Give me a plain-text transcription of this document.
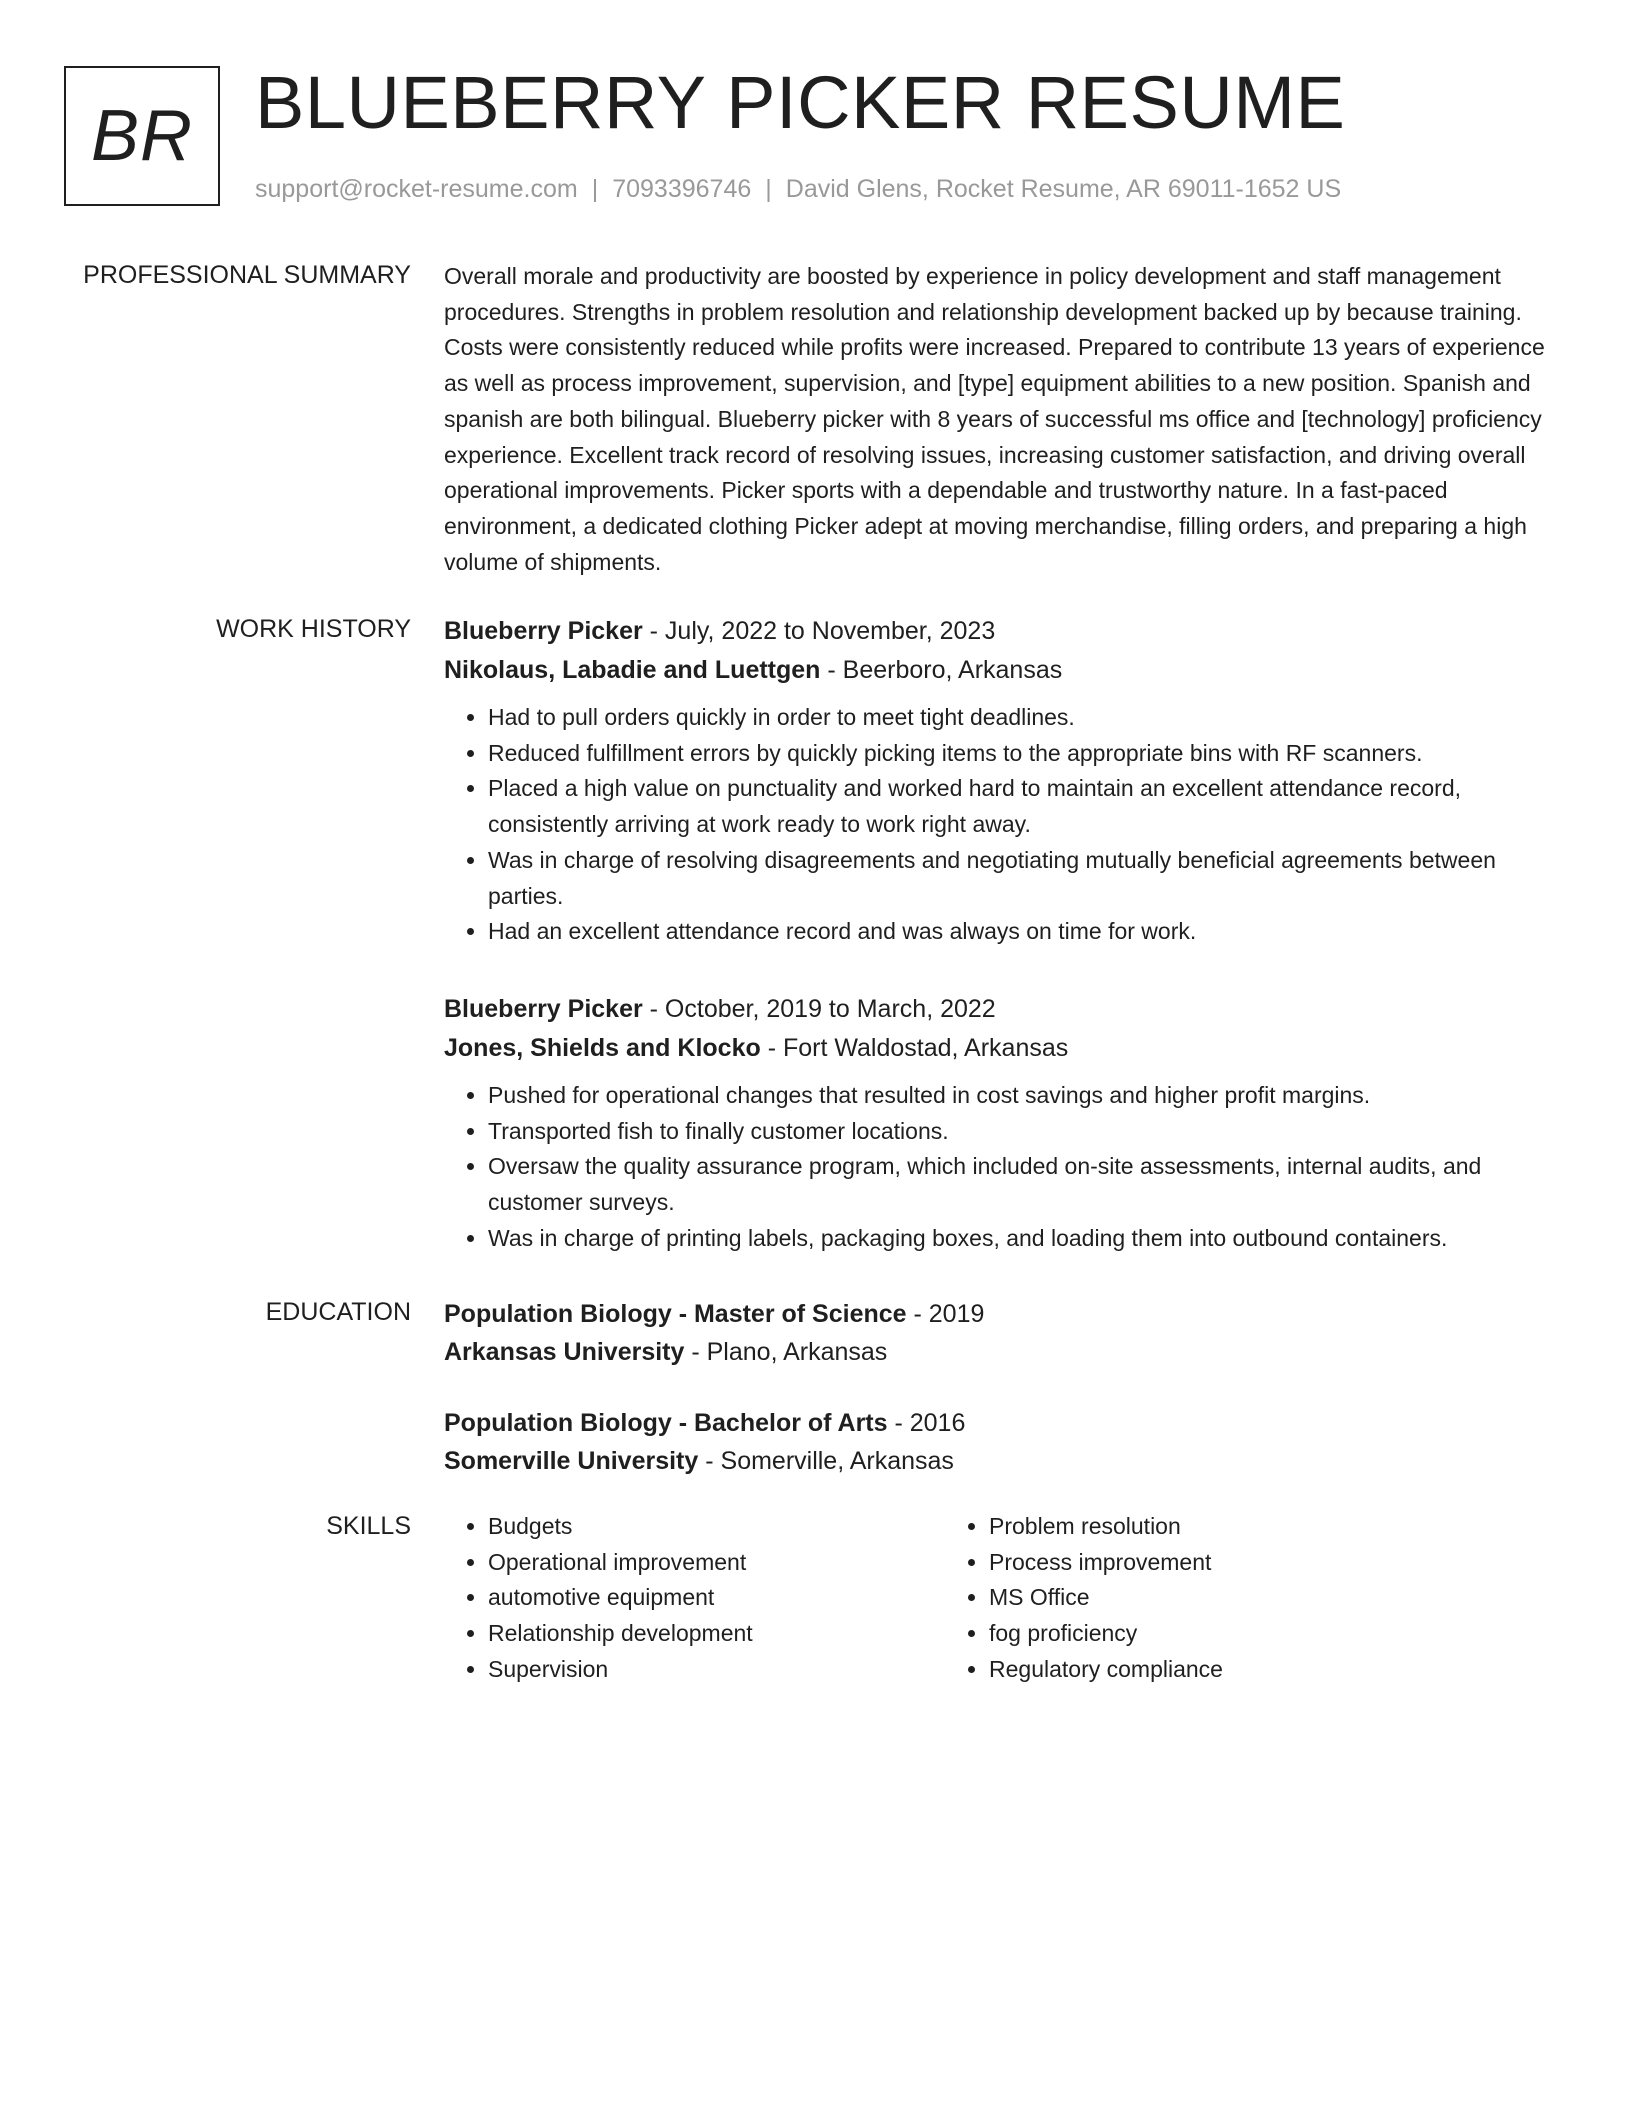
BR BLUEBERRY PICKER RESUME
support@rocket-resume.com | 7093396746 | David Glens, Rocket Resume, AR 69011-1652 US
PROFESSIONAL SUMMARY Overall morale and productivity are boosted by experience in policy development and staff management procedures. Strengths in problem resolution and relationship development backed up by because training. Costs were consistently reduced while profits were increased. Prepared to contribute 13 years of experience as well as process improvement, supervision, and [type] equipment abilities to a new position. Spanish and spanish are both bilingual. Blueberry picker with 8 years of successful ms office and [technology] proficiency experience. Excellent track record of resolving issues, increasing customer satisfaction, and driving overall operational improvements. Picker sports with a dependable and trustworthy nature. In a fast-paced environment, a dedicated clothing Picker adept at moving merchandise, filling orders, and preparing a high volume of shipments.

WORK HISTORY Blueberry Picker - July, 2022 to November, 2023

Nikolaus, Labadie and Luettgen - Beerboro, Arkansas

• Had to pull orders quickly in order to meet tight deadlines.
• Reduced fulfillment errors by quickly picking items to the appropriate bins with RF scanners.
• Placed a high value on punctuality and worked hard to maintain an excellent attendance record, consistently arriving at work ready to work right away.
• Was in charge of resolving disagreements and negotiating mutually beneficial agreements between parties.
• Had an excellent attendance record and was always on time for work.

Blueberry Picker - October, 2019 to March, 2022

Jones, Shields and Klocko - Fort Waldostad, Arkansas

• Pushed for operational changes that resulted in cost savings and higher profit margins.
• Transported fish to finally customer locations.
• Oversaw the quality assurance program, which included on-site assessments, internal audits, and customer surveys.
• Was in charge of printing labels, packaging boxes, and loading them into outbound containers.
EDUCATION Population Biology - Master of Science - 2019

Arkansas University - Plano, Arkansas

Population Biology - Bachelor of Arts - 2016

Somerville University - Somerville, Arkansas

SKILLS
•	Budgets
• Operational improvement
• automotive equipment
• Relationship development
• Supervision
• Problem resolution
• Process improvement
• MS Office
• fog proficiency
• Regulatory compliance
